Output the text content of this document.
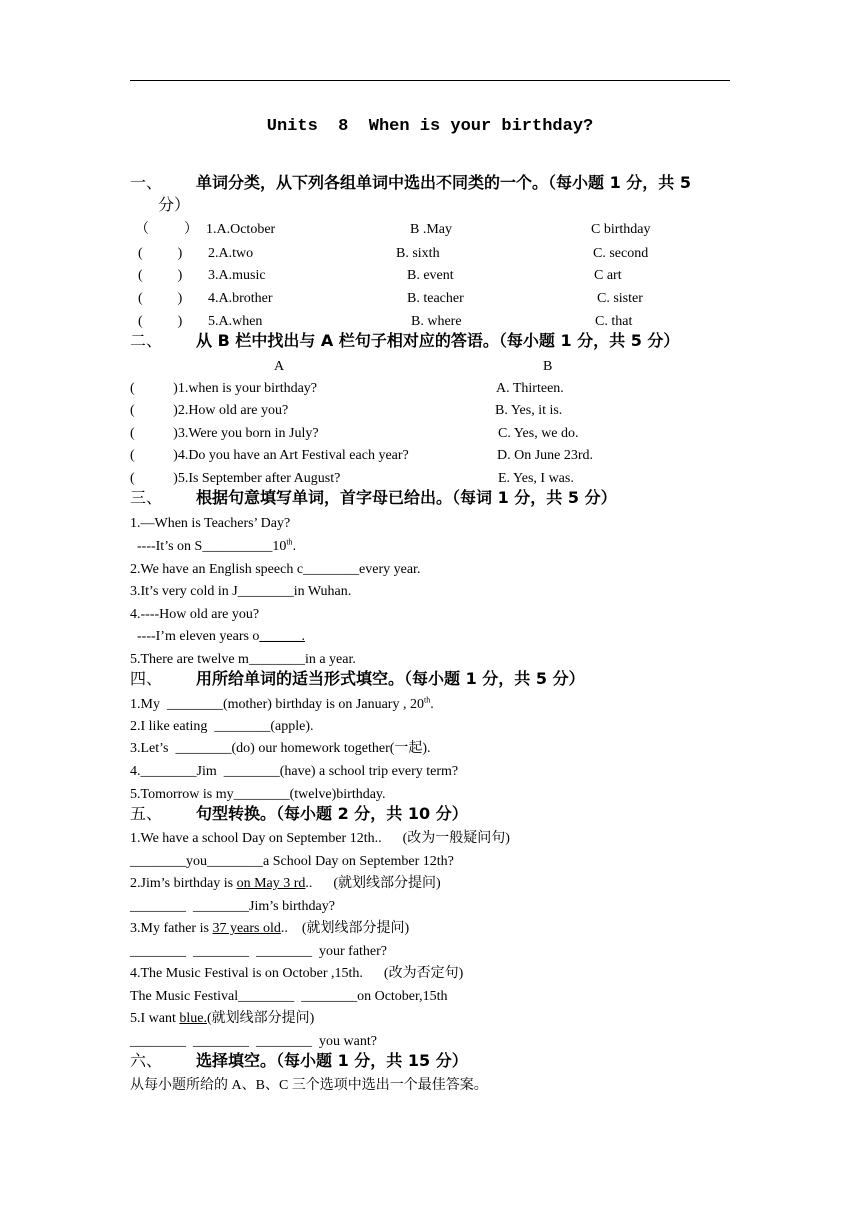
Units  8  When is your birthday?
一、 单词分类，从下列各组单词中选出不同类的一个。（每小题 1 分，共 5
分）
（          ） 1.A.October	B .May	C birthday
(          ) 2.A.two	B. sixth	C. second
(          ) 3.A.music	B. event	C art
(          ) 4.A.brother	B. teacher	C. sister
(          ) 5.A.when	B. where	C. that
二、 从 B 栏中找出与 A 栏句子相对应的答语。（每小题 1 分，共 5 分）
A	B
(           )1.when is your birthday?	A. Thirteen.
(           )2.How old are you?	B. Yes, it is.
(           )3.Were you born in July?	C. Yes, we do.
(           )4.Do you have an Art Festival each year?	D. On June 23rd.
(           )5.Is September after August?	E. Yes, I was.
三、 根据句意填写单词，首字母已给出。（每词 1 分，共 5 分）
1.—When is Teachers’ Day?
----It’s on S__________10th.
2.We have an English speech c________every year.
3.It’s very cold in J________in Wuhan.
4.----How old are you?
----I’m eleven years o______.
5.There are twelve m________in a year.
四、 用所给单词的适当形式填空。（每小题 1 分，共 5 分）
1.My  ________(mother) birthday is on January , 20th.
2.I like eating  ________(apple).
3.Let’s  ________(do) our homework together(一起).
4.________Jim  ________(have) a school trip every term?
5.Tomorrow is my________(twelve)birthday.
五、 句型转换。（每小题 2 分，共 10 分）
1.We have a school Day on September 12th..      (改为一般疑问句)
________you________a School Day on September 12th?
2.Jim’s birthday is on May 3 rd..      (就划线部分提问)
________  ________Jim’s birthday?
3.My father is 37 years old..    (就划线部分提问)
________  ________  ________  your father?
4.The Music Festival is on October ,15th.      (改为否定句)
The Music Festival________  ________on October,15th
5.I want blue.(就划线部分提问)
________  ________  ________  you want?
六、 选择填空。（每小题 1 分，共 15 分）
从每小题所给的 A、B、C 三个选项中选出一个最佳答案。
